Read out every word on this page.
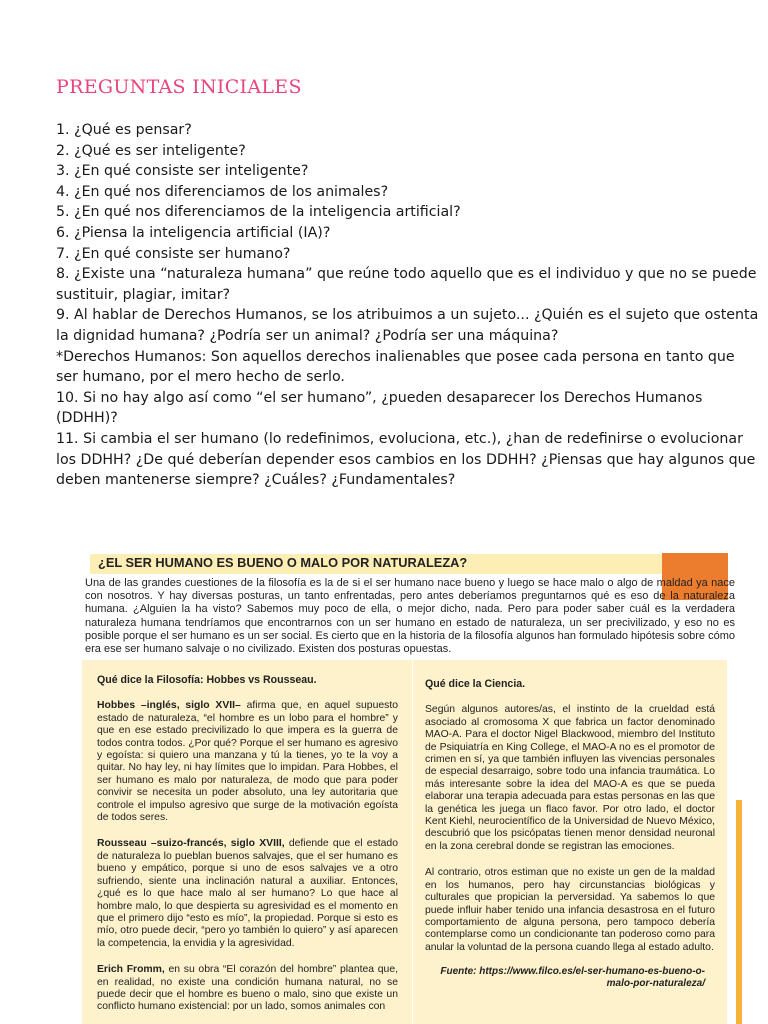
PREGUNTAS INICIALES

1. ¿Qué es pensar?

2. ¿Qué es ser inteligente?

3. ¿En qué consiste ser inteligente?

4. ¿En qué nos diferenciamos de los animales?

5. ¿En qué nos diferenciamos de la inteligencia artificial?

6. ¿Piensa la inteligencia artificial (IA)?

7. ¿En qué consiste ser humano?

8. ¿Existe una “naturaleza humana” que reúne todo aquello que es el individuo y que no se puede sustituir, plagiar, imitar?

9. Al hablar de Derechos Humanos, se los atribuimos a un sujeto... ¿Quién es el sujeto que ostenta la dignidad humana? ¿Podría ser un animal? ¿Podría ser una máquina?

*Derechos Humanos: Son aquellos derechos inalienables que posee cada persona en tanto que ser humano, por el mero hecho de serlo.

10. Si no hay algo así como “el ser humano”, ¿pueden desaparecer los Derechos Humanos (DDHH)?

11. Si cambia el ser humano (lo redefinimos, evoluciona, etc.), ¿han de redefinirse o evolucionar los DDHH? ¿De qué deberían depender esos cambios en los DDHH? ¿Piensas que hay algunos que deben mantenerse siempre? ¿Cuáles? ¿Fundamentales?

¿EL SER HUMANO ES BUENO O MALO POR NATURALEZA?
Una de las grandes cuestiones de la filosofía es la de si el ser humano nace bueno y luego se hace malo o algo de maldad ya nace con nosotros. Y hay diversas posturas, un tanto enfrentadas, pero antes deberíamos preguntarnos qué es eso de la naturaleza humana. ¿Alguien la ha visto? Sabemos muy poco de ella, o mejor dicho, nada. Pero para poder saber cuál es la verdadera naturaleza humana tendríamos que encontrarnos con un ser humano en estado de naturaleza, un ser precivilizado, y eso no es posible porque el ser humano es un ser social. Es cierto que en la historia de la filosofía algunos han formulado hipótesis sobre cómo era ese ser humano salvaje o no civilizado. Existen dos posturas opuestas.
Qué dice la Filosofía: Hobbes vs Rousseau.

Hobbes –inglés, siglo XVII– afirma que, en aquel supuesto estado de naturaleza, “el hombre es un lobo para el hombre” y que en ese estado precivilizado lo que impera es la guerra de todos contra todos. ¿Por qué? Porque el ser humano es agresivo y egoísta: si quiero una manzana y tú la tienes, yo te la voy a quitar. No hay ley, ni hay límites que lo impidan. Para Hobbes, el ser humano es malo por naturaleza, de modo que para poder convivir se necesita un poder absoluto, una ley autoritaria que controle el impulso agresivo que surge de la motivación egoísta de todos seres.

Rousseau –suizo-francés, siglo XVIII, defiende que el estado de naturaleza lo pueblan buenos salvajes, que el ser humano es bueno y empático, porque si uno de esos salvajes ve a otro sufriendo, siente una inclinación natural a auxiliar. Entonces, ¿qué es lo que hace malo al ser humano? Lo que hace al hombre malo, lo que despierta su agresividad es el momento en que el primero dijo “esto es mío”, la propiedad. Porque si esto es mío, otro puede decir, “pero yo también lo quiero” y así aparecen la competencia, la envidia y la agresividad.

Erich Fromm, en su obra “El corazón del hombre” plantea que, en realidad, no existe una condición humana natural, no se puede decir que el hombre es bueno o malo, sino que existe un conflicto humano existencial: por un lado, somos animales con

Qué dice la Ciencia.

Según algunos autores/as, el instinto de la crueldad está asociado al cromosoma X que fabrica un factor denominado MAO-A. Para el doctor Nigel Blackwood, miembro del Instituto de Psiquiatría en King College, el MAO-A no es el promotor de crimen en sí, ya que también influyen las vivencias personales de especial desarraigo, sobre todo una infancia traumática. Lo más interesante sobre la idea del MAO-A es que se pueda elaborar una terapia adecuada para estas personas en las que la genética les juega un flaco favor. Por otro lado, el doctor Kent Kiehl, neurocientífico de la Universidad de Nuevo México, descubrió que los psicópatas tienen menor densidad neuronal en la zona cerebral donde se registran las emociones.

Al contrario, otros estiman que no existe un gen de la maldad en los humanos, pero hay circunstancias biológicas y culturales que propician la perversidad. Ya sabemos lo que puede influir haber tenido una infancia desastrosa en el futuro comportamiento de alguna persona, pero tampoco debería contemplarse como un condicionante tan poderoso como para anular la voluntad de la persona cuando llega al estado adulto.

Fuente: https://www.filco.es/el-ser-humano-es-bueno-o-malo-por-naturaleza/
